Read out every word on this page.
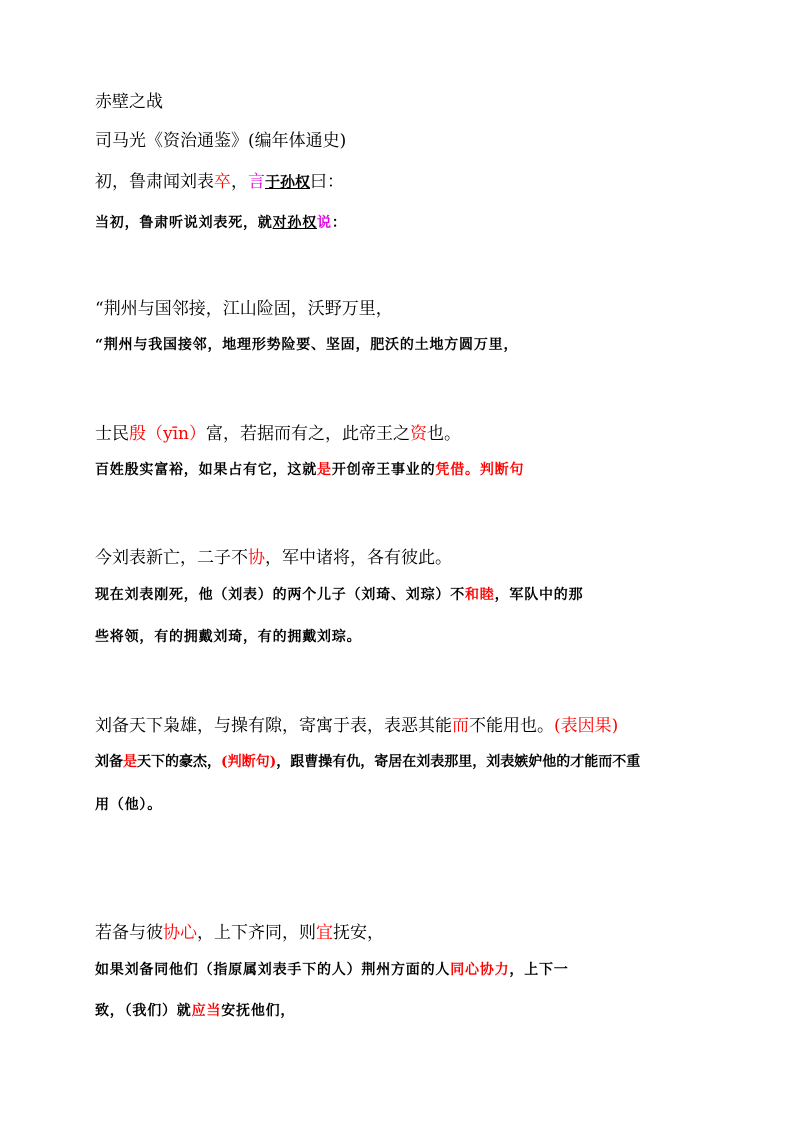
赤壁之战
司马光《资治通鉴》(编年体通史)
初，鲁肃闻刘表卒，言于孙权曰：
当初，鲁肃听说刘表死，就对孙权说：
“荆州与国邻接，江山险固，沃野万里，
“荆州与我国接邻，地理形势险要、坚固，肥沃的土地方圆万里，
士民殷（yīn）富，若据而有之，此帝王之资也。
百姓殷实富裕，如果占有它，这就是开创帝王事业的凭借。判断句
今刘表新亡，二子不协，军中诸将，各有彼此。
现在刘表刚死，他（刘表）的两个儿子（刘琦、刘琮）不和睦，军队中的那
些将领，有的拥戴刘琦，有的拥戴刘琮。
刘备天下枭雄，与操有隙，寄寓于表，表恶其能而不能用也。(表因果)
刘备是天下的豪杰，(判断句)，跟曹操有仇，寄居在刘表那里，刘表嫉妒他的才能而不重
用（他）。
若备与彼协心，上下齐同，则宜抚安，
如果刘备同他们（指原属刘表手下的人）荆州方面的人同心协力，上下一
致，（我们）就应当安抚他们，
